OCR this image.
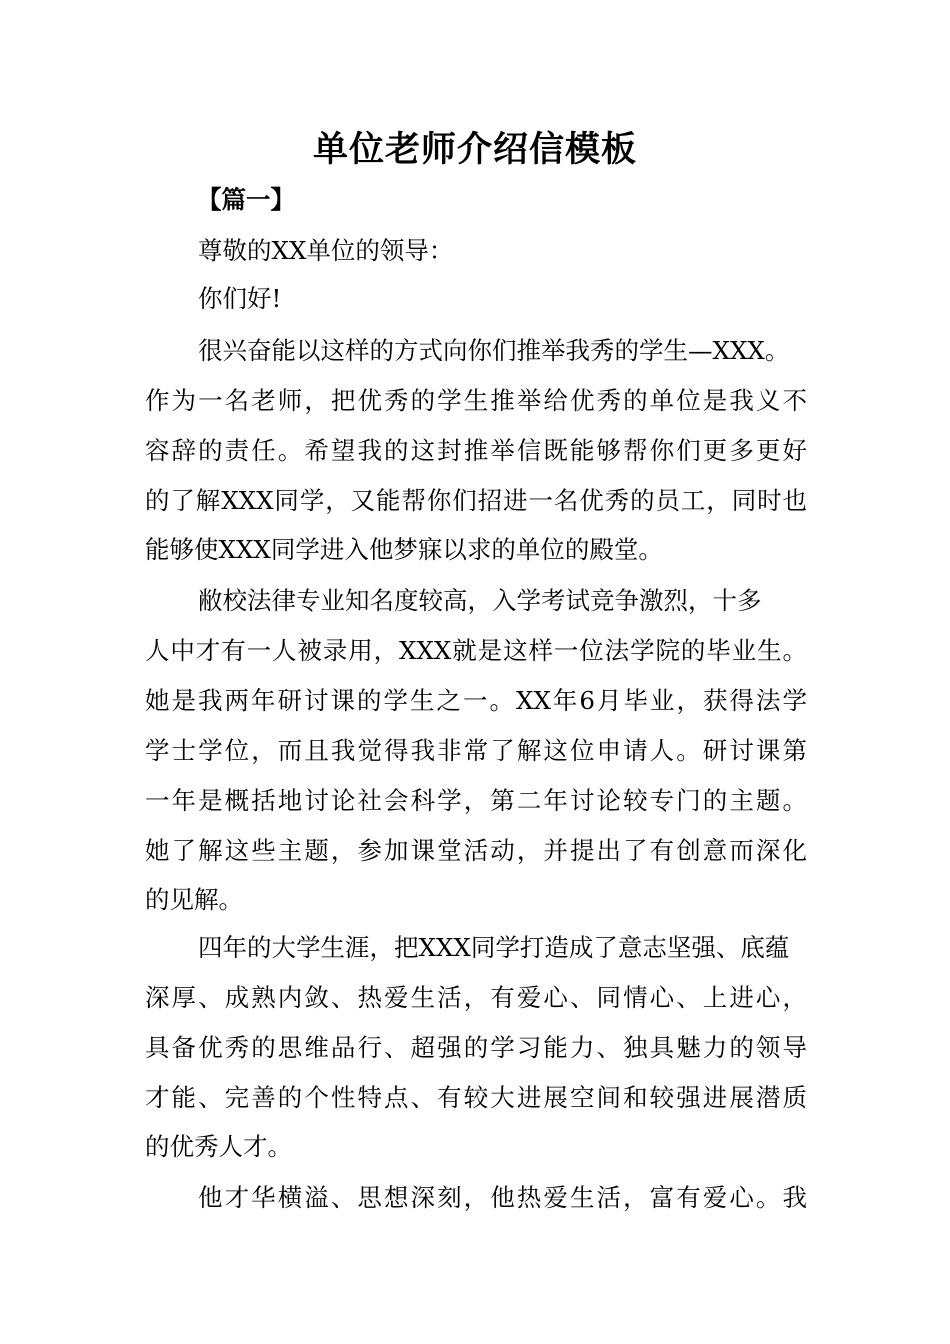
单位老师介绍信模板
【篇一】
尊敬的XX单位的领导：
你们好!
很兴奋能以这样的方式向你们推举我秀的学生—XXX。
作为一名老师，把优秀的学生推举给优秀的单位是我义不
容辞的责任。希望我的这封推举信既能够帮你们更多更好
的了解XXX同学，又能帮你们招进一名优秀的员工，同时也
能够使XXX同学进入他梦寐以求的单位的殿堂。
敝校法律专业知名度较高，入学考试竞争激烈，十多
人中才有一人被录用，XXX就是这样一位法学院的毕业生。
她是我两年研讨课的学生之一。XX年6月毕业，获得法学
学士学位，而且我觉得我非常了解这位申请人。研讨课第
一年是概括地讨论社会科学，第二年讨论较专门的主题。
她了解这些主题，参加课堂活动，并提出了有创意而深化
的见解。
四年的大学生涯，把XXX同学打造成了意志坚强、底蕴
深厚、成熟内敛、热爱生活，有爱心、同情心、上进心，
具备优秀的思维品行、超强的学习能力、独具魅力的领导
才能、完善的个性特点、有较大进展空间和较强进展潜质
的优秀人才。
他才华横溢、思想深刻，他热爱生活，富有爱心。我
